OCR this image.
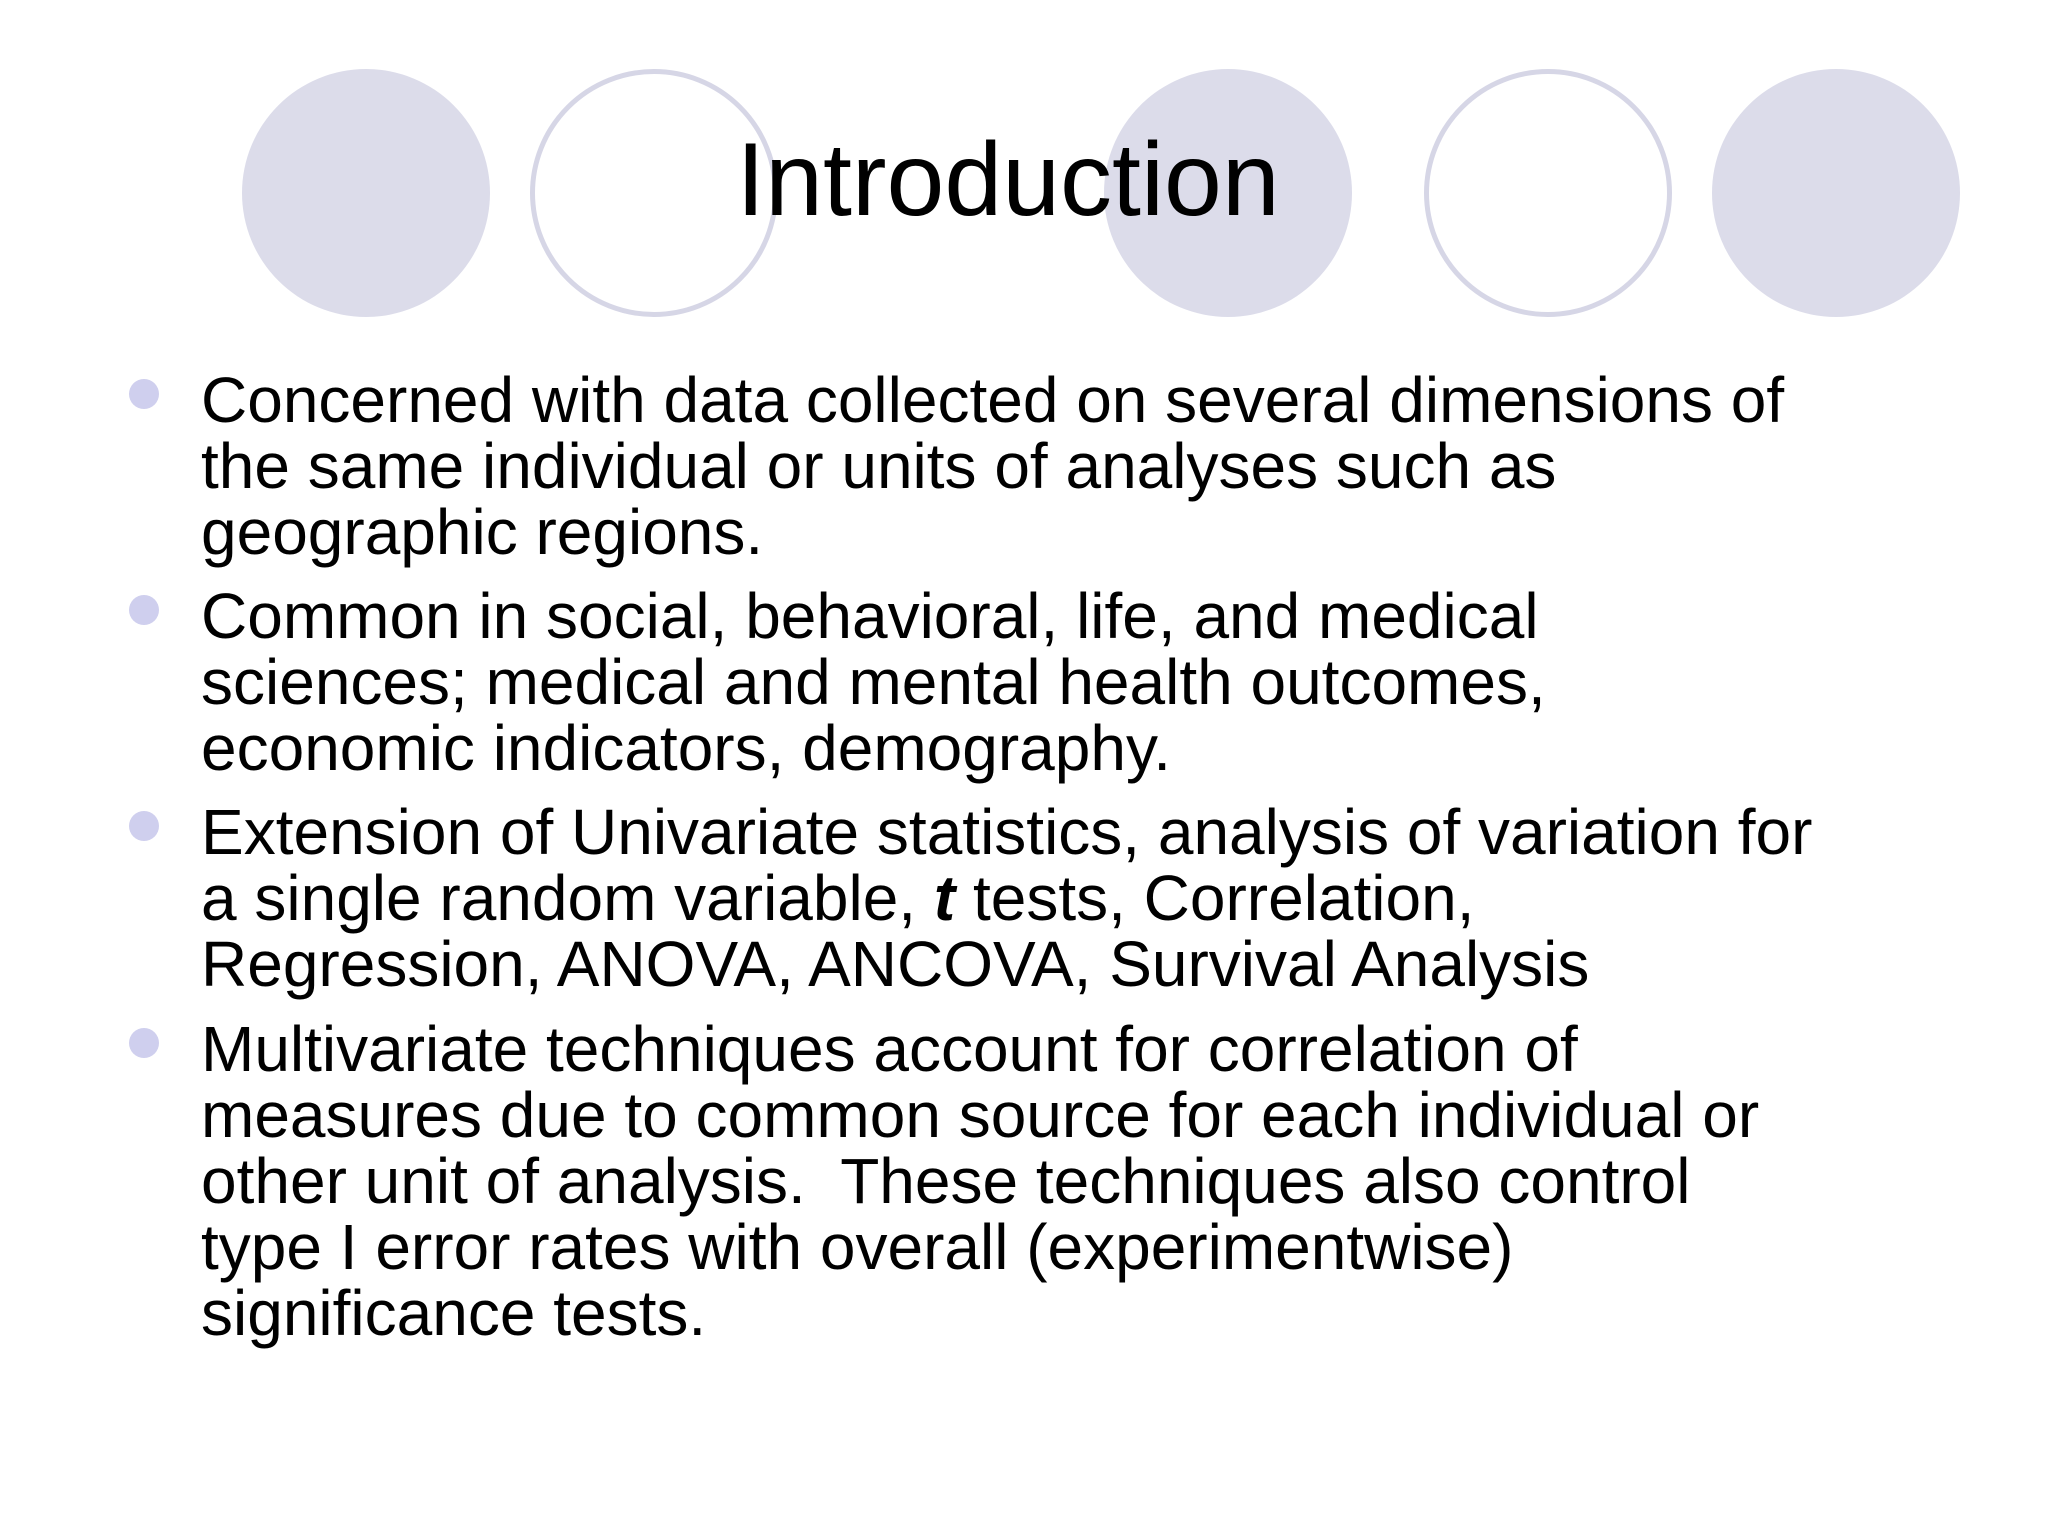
Introduction
Concerned with data collected on several dimensions of
the same individual or units of analyses such as
geographic regions.
Common in social, behavioral, life, and medical
sciences; medical and mental health outcomes,
economic indicators, demography.
Extension of Univariate statistics, analysis of variation for
a single random variable, t tests, Correlation,
Regression, ANOVA, ANCOVA, Survival Analysis
Multivariate techniques account for correlation of
measures due to common source for each individual or
other unit of analysis.  These techniques also control
type I error rates with overall (experimentwise)
significance tests.
